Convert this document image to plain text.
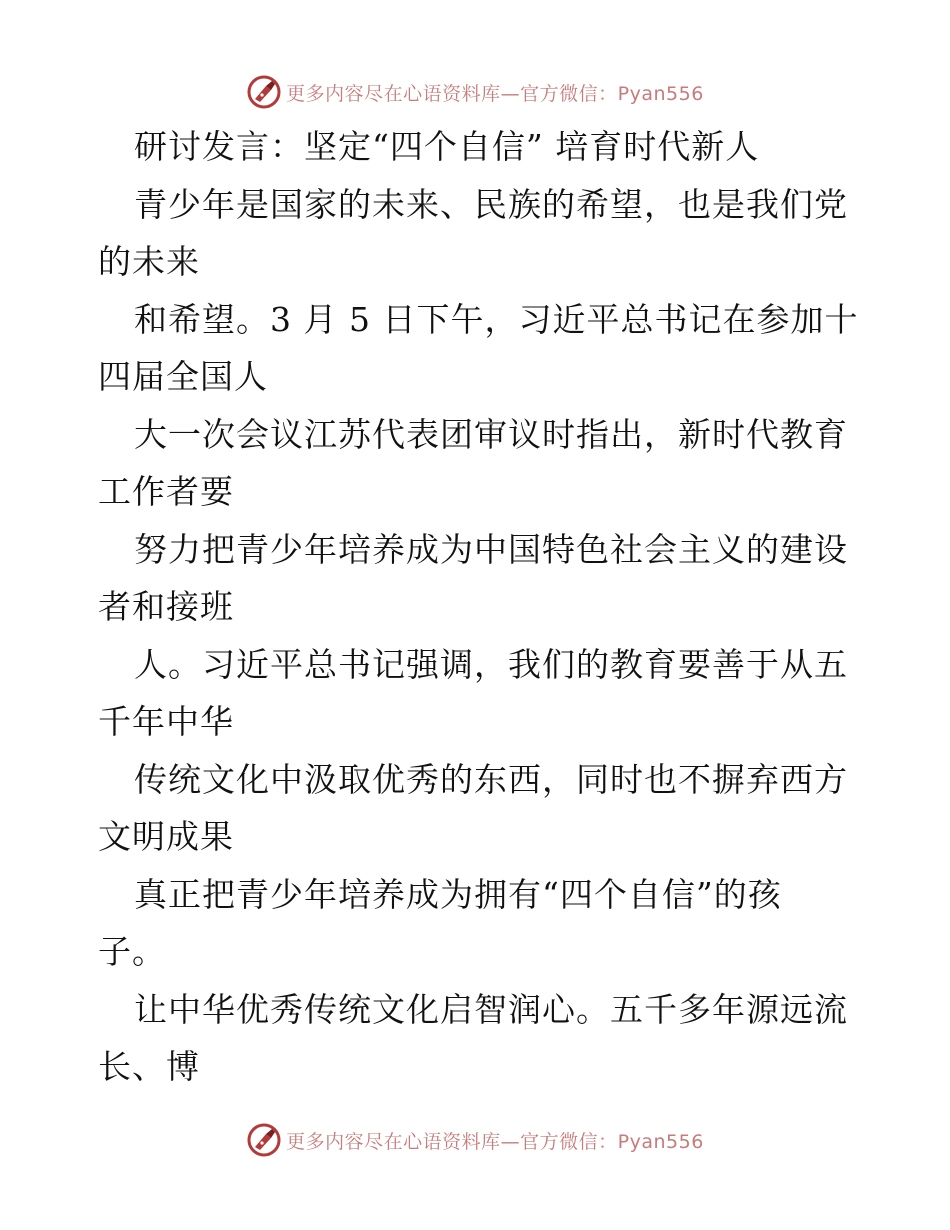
更多内容尽在心语资料库—官方微信：Pyan556
研讨发言：坚定“四个自信” 培育时代新人
青少年是国家的未来、民族的希望，也是我们党
的未来
和希望。3 月 5 日下午，习近平总书记在参加十
四届全国人
大一次会议江苏代表团审议时指出，新时代教育
工作者要
努力把青少年培养成为中国特色社会主义的建设
者和接班
人。习近平总书记强调，我们的教育要善于从五
千年中华
传统文化中汲取优秀的东西，同时也不摒弃西方
文明成果
真正把青少年培养成为拥有“四个自信”的孩
子。
让中华优秀传统文化启智润心。五千多年源远流
长、博
更多内容尽在心语资料库—官方微信：Pyan556
